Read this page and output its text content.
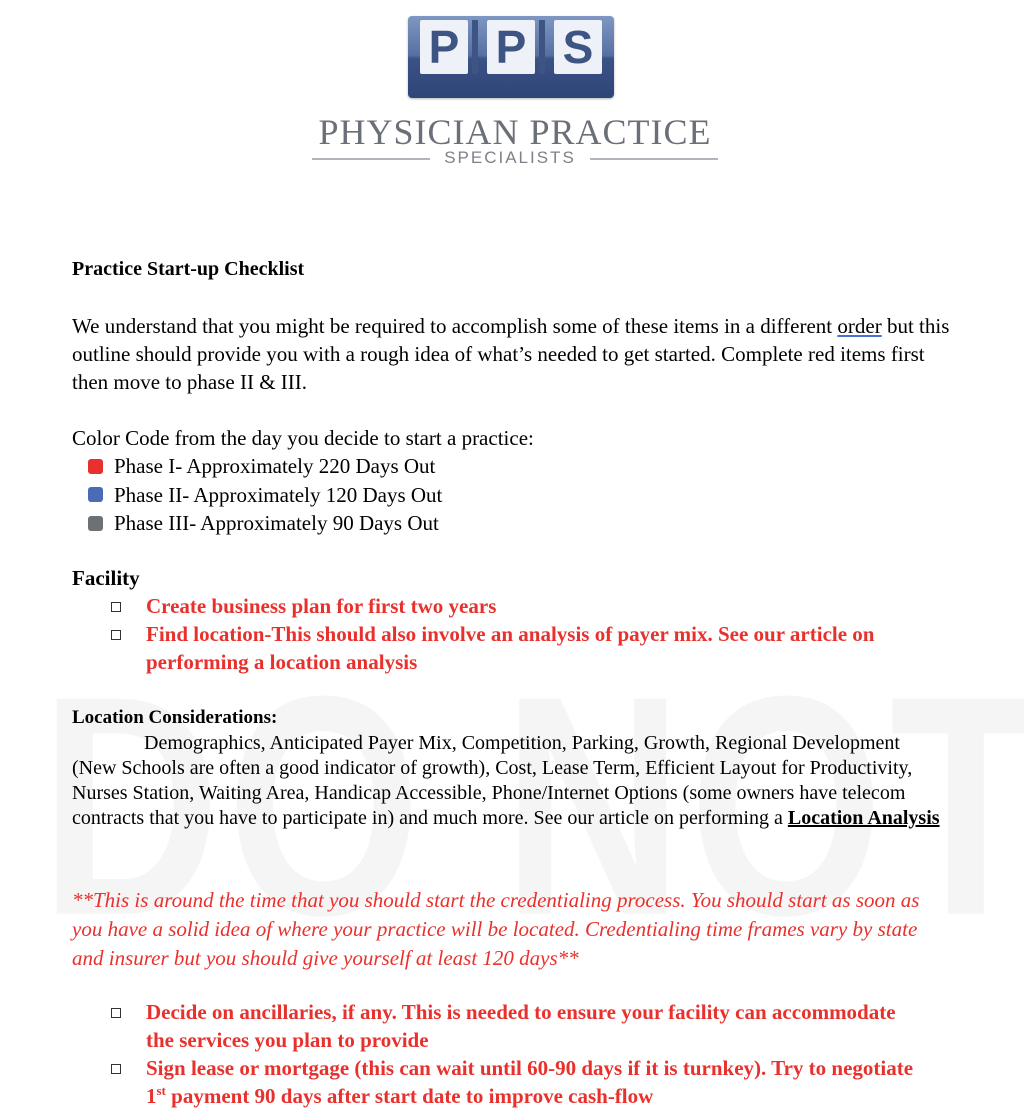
P P S
PHYSICIAN PRACTICE
SPECIALISTS
Practice Start-up Checklist
We understand that you might be required to accomplish some of these items in a different order but this outline should provide you with a rough idea of what’s needed to get started. Complete red items first then move to phase II & III.
Color Code from the day you decide to start a practice:
Phase I- Approximately 220 Days Out
Phase II- Approximately 120 Days Out
Phase III- Approximately 90 Days Out
Facility
Create business plan for first two years
Find location-This should also involve an analysis of payer mix. See our article on performing a location analysis
Location Considerations:
Demographics, Anticipated Payer Mix, Competition, Parking, Growth, Regional Development (New Schools are often a good indicator of growth), Cost, Lease Term, Efficient Layout for Productivity, Nurses Station, Waiting Area, Handicap Accessible, Phone/Internet Options (some owners have telecom contracts that you have to participate in) and much more. See our article on performing a Location Analysis
**This is around the time that you should start the credentialing process. You should start as soon as you have a solid idea of where your practice will be located. Credentialing time frames vary by state and insurer but you should give yourself at least 120 days**
Decide on ancillaries, if any. This is needed to ensure your facility can accommodate the services you plan to provide
Sign lease or mortgage (this can wait until 60-90 days if it is turnkey). Try to negotiate 1st payment 90 days after start date to improve cash-flow
